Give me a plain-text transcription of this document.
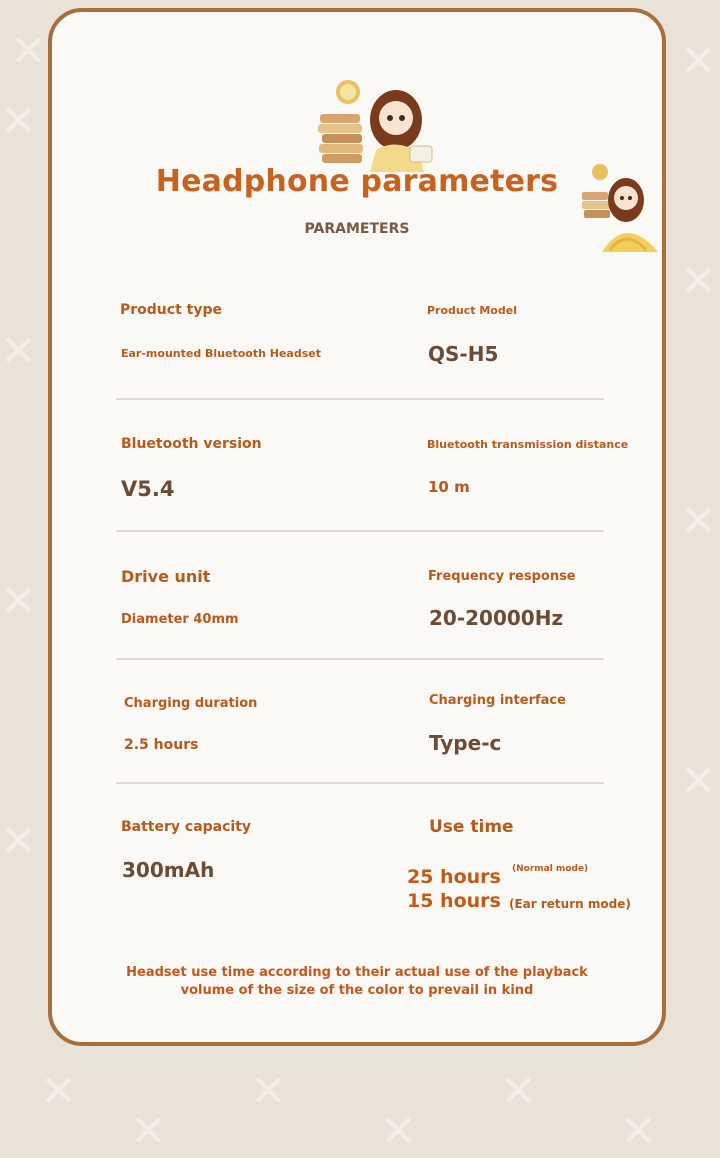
✕	✕
✕
✕
✕
✕
✕
✕
✕
✕
✕
✕
✕
✕
✕
Headphone parameters
PARAMETERS
Product type	Product Model
Ear-mounted Bluetooth Headset	QS-H5
Bluetooth version	Bluetooth transmission distance
V5.4	10 m
Drive unit	Frequency response
Diameter 40mm	20-20000Hz
Charging duration	Charging interface
2.5 hours	Type-c
Battery capacity	Use time
300mAh	25 hours (Normal mode)
15 hours (Ear return mode)
Headset use time according to their actual use of the playback
volume of the size of the color to prevail in kind
